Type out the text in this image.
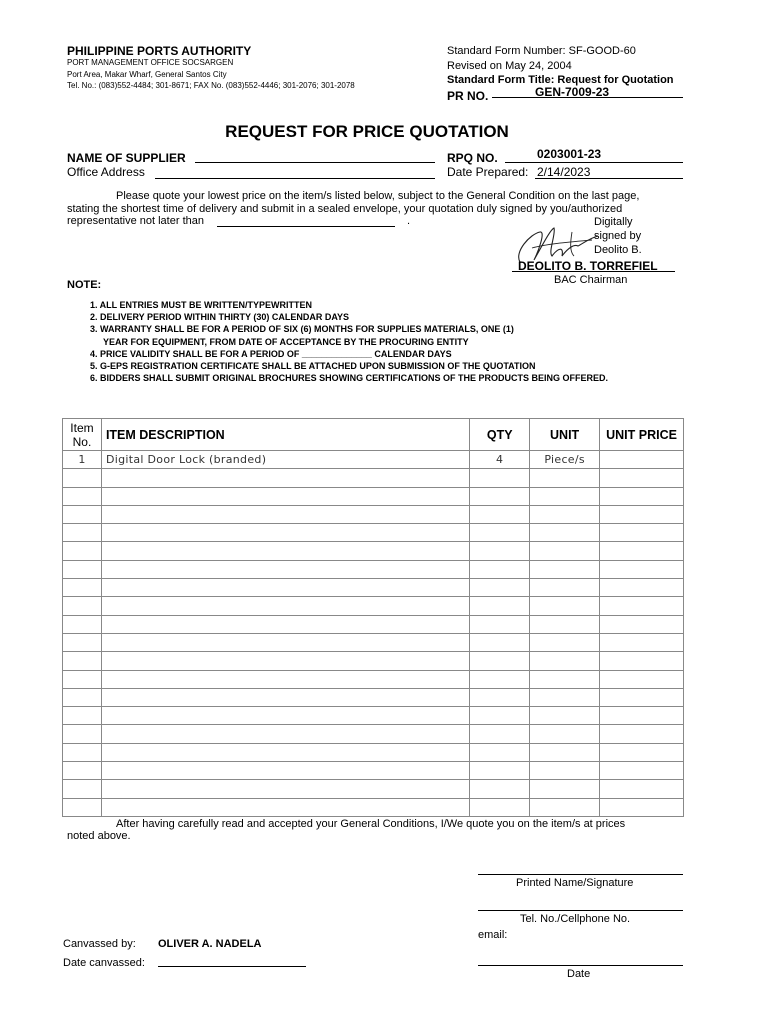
PHILIPPINE PORTS AUTHORITY
PORT MANAGEMENT OFFICE SOCSARGEN
Port Area, Makar Wharf, General Santos City
Tel. No.: (083)552-4484; 301-8671; FAX No. (083)552-4446; 301-2076; 301-2078
Standard Form Number: SF-GOOD-60
Revised on May 24, 2004
Standard Form Title: Request for Quotation
PR NO.	GEN-7009-23
REQUEST FOR PRICE QUOTATION
NAME OF SUPPLIER
Office Address
RPQ NO.	0203001-23
Date Prepared: 2/14/2023
Please quote your lowest price on the item/s listed below, subject to the General Condition on the last page,
stating the shortest time of delivery and submit in a sealed envelope, your quotation duly signed by you/authorized
representative not later than	.	Digitally
signed by
Deolito B.
DEOLITO B. TORREFIEL
BAC Chairman
NOTE:
1. ALL ENTRIES MUST BE WRITTEN/TYPEWRITTEN
2. DELIVERY PERIOD WITHIN THIRTY (30) CALENDAR DAYS
3. WARRANTY SHALL BE FOR A PERIOD OF SIX (6) MONTHS FOR SUPPLIES MATERIALS, ONE (1)
YEAR FOR EQUIPMENT, FROM DATE OF ACCEPTANCE BY THE PROCURING ENTITY
4. PRICE VALIDITY SHALL BE FOR A PERIOD OF ______________ CALENDAR DAYS
5. G-EPS REGISTRATION CERTIFICATE SHALL BE ATTACHED UPON SUBMISSION OF THE QUOTATION
6. BIDDERS SHALL SUBMIT ORIGINAL BROCHURES SHOWING CERTIFICATIONS OF THE PRODUCTS BEING OFFERED.
Item
No.	ITEM DESCRIPTION	QTY	UNIT	UNIT PRICE
1	Digital Door Lock (branded)	4	Piece/s	

After having carefully read and accepted your General Conditions, I/We quote you on the item/s at prices
noted above.
Printed Name/Signature
Tel. No./Cellphone No.
email:
Date
Canvassed by: OLIVER A. NADELA
Date canvassed:
